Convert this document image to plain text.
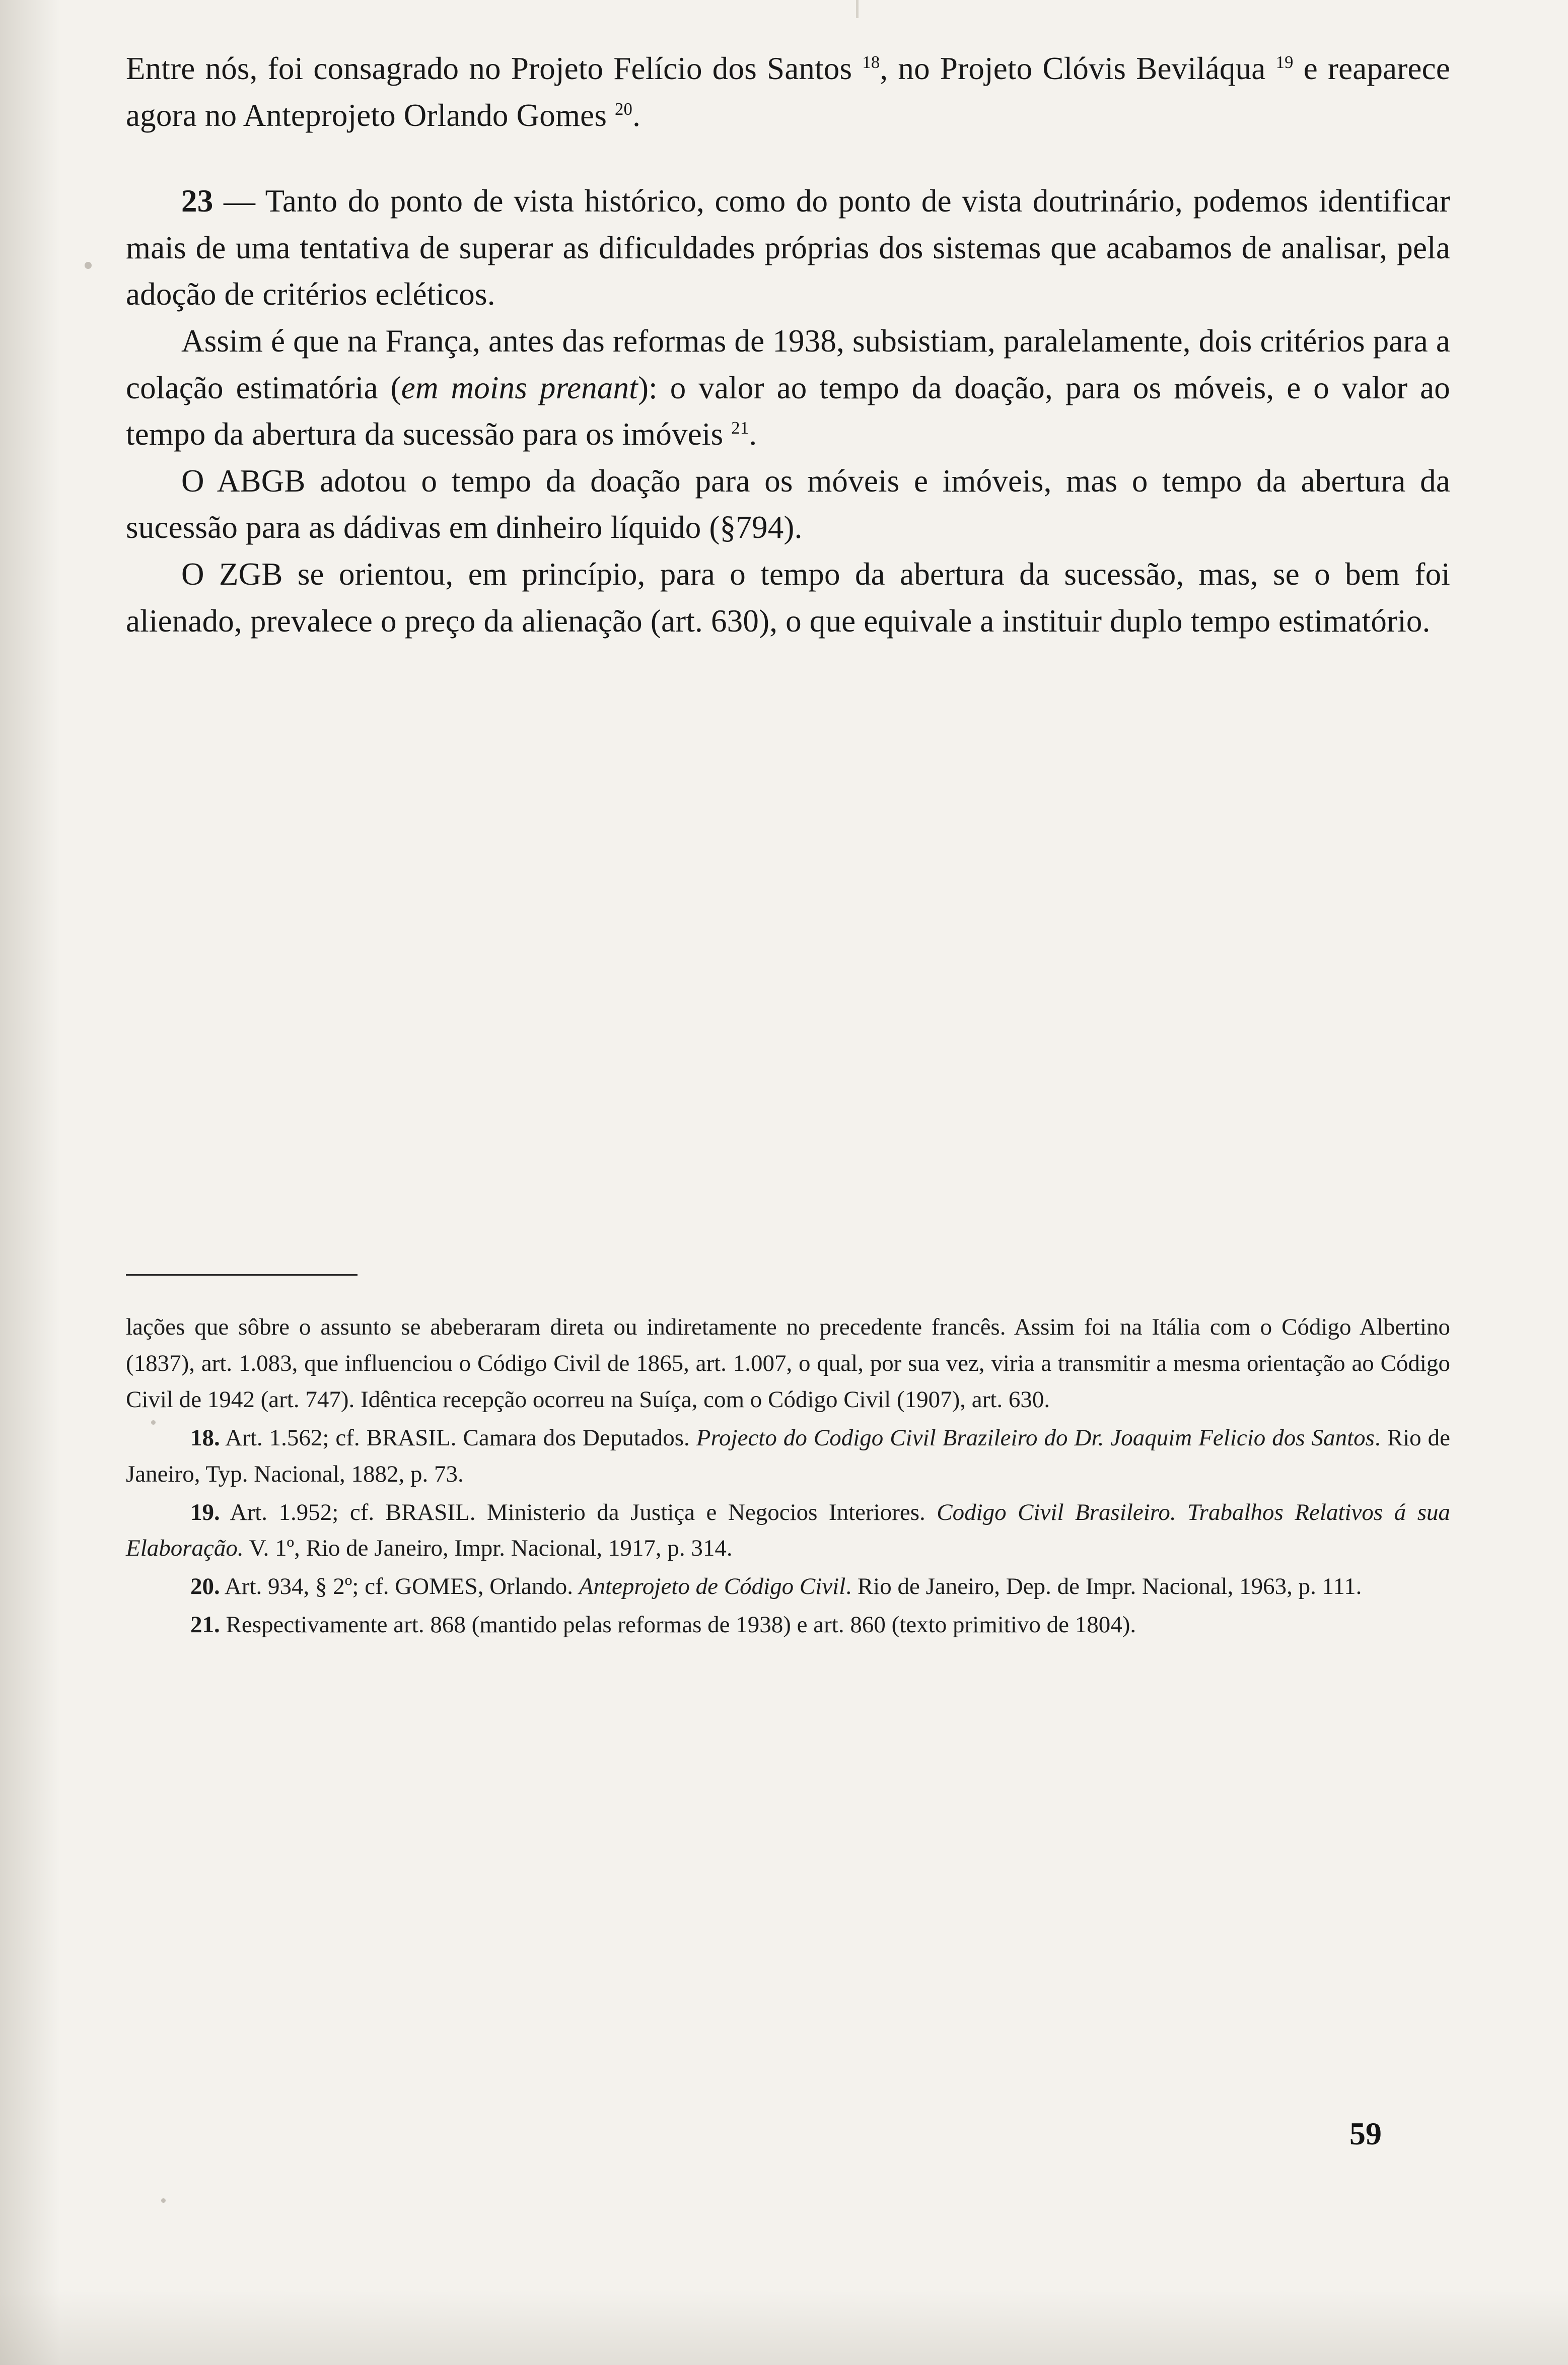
Entre nós, foi consagrado no Projeto Felício dos Santos $^{18}$, no Projeto Clóvis Beviláqua $^{19}$ e reaparece agora no Anteprojeto Orlando Gomes $^{20}$.

23 — Tanto do ponto de vista histórico, como do ponto de vista doutrinário, podemos identificar mais de uma tentativa de superar as dificuldades próprias dos sistemas que acabamos de analisar, pela adoção de critérios ecléticos.

Assim é que na França, antes das reformas de 1938, subsistiam, paralelamente, dois critérios para a colação estimatória (em moins prenant): o valor ao tempo da doação, para os móveis, e o valor ao tempo da abertura da sucessão para os imóveis $^{21}$.

O ABGB adotou o tempo da doação para os móveis e imóveis, mas o tempo da abertura da sucessão para as dádivas em dinheiro líquido (§794).

O ZGB se orientou, em princípio, para o tempo da abertura da sucessão, mas, se o bem foi alienado, prevalece o preço da alienação (art. 630), o que equivale a instituir duplo tempo estimatório.

lações que sôbre o assunto se abeberaram direta ou indiretamente no precedente francês. Assim foi na Itália com o Código Albertino (1837), art. 1.083, que influenciou o Código Civil de 1865, art. 1.007, o qual, por sua vez, viria a transmitir a mesma orientação ao Código Civil de 1942 (art. 747). Idêntica recepção ocorreu na Suíça, com o Código Civil (1907), art. 630.

18. Art. 1.562; cf. BRASIL. Camara dos Deputados. Projecto do Codigo Civil Brazileiro do Dr. Joaquim Felicio dos Santos. Rio de Janeiro, Typ. Nacional, 1882, p. 73.

19. Art. 1.952; cf. BRASIL. Ministerio da Justiça e Negocios Interiores. Codigo Civil Brasileiro. Trabalhos Relativos á sua Elaboração. V. 1º, Rio de Janeiro, Impr. Nacional, 1917, p. 314.

20. Art. 934, § 2º; cf. GOMES, Orlando. Anteprojeto de Código Civil. Rio de Janeiro, Dep. de Impr. Nacional, 1963, p. 111.

21. Respectivamente art. 868 (mantido pelas reformas de 1938) e art. 860 (texto primitivo de 1804).

59
